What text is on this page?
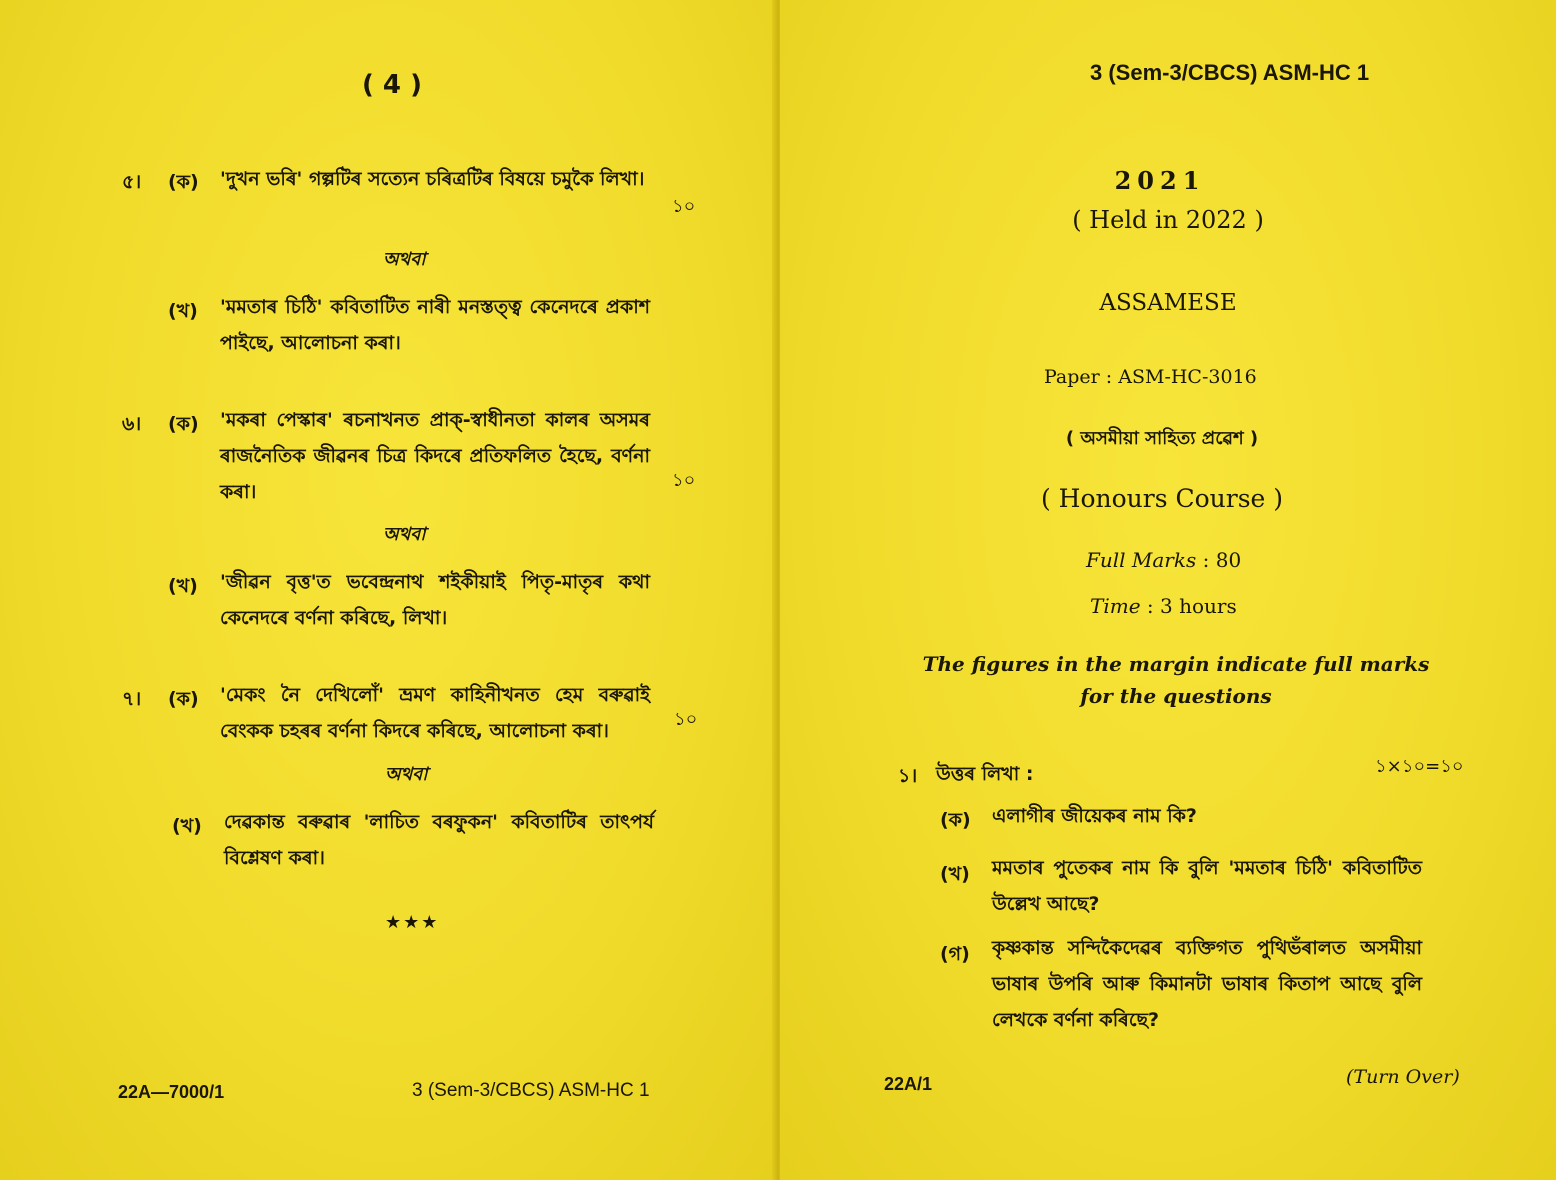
( 4 )
৫। (ক) 'দুখন ভৰি' গল্পটিৰ সত্যেন চৰিত্ৰটিৰ বিষয়ে চমুকৈ লিখা।
১০
অথবা
(খ) 'মমতাৰ চিঠি' কবিতাটিত নাৰী মনস্তত্ত্ব কেনেদৰে প্ৰকাশ পাইছে, আলোচনা কৰা।
৬। (ক) 'মকৰা পেস্কাৰ' ৰচনাখনত প্ৰাক্‌-স্বাধীনতা কালৰ অসমৰ ৰাজনৈতিক জীৱনৰ চিত্ৰ কিদৰে প্ৰতিফলিত হৈছে, বৰ্ণনা কৰা।
১০
অথবা
(খ) 'জীৱন বৃত্ত'ত ভবেন্দ্ৰনাথ শইকীয়াই পিতৃ-মাতৃৰ কথা কেনেদৰে বৰ্ণনা কৰিছে, লিখা।
৭। (ক) 'মেকং নৈ দেখিলোঁ' ভ্ৰমণ কাহিনীখনত হেম বৰুৱাই বেংকক চহৰৰ বৰ্ণনা কিদৰে কৰিছে, আলোচনা কৰা।
১০
অথবা
(খ) দেৱকান্ত বৰুৱাৰ 'লাচিত বৰফুকন' কবিতাটিৰ তাৎপৰ্য বিশ্লেষণ কৰা।
★★★
22A—7000/1	3 (Sem-3/CBCS) ASM-HC 1
3 (Sem-3/CBCS) ASM-HC 1
2021
( Held in 2022 )
ASSAMESE
Paper : ASM-HC-3016
( অসমীয়া সাহিত্য প্ৰৱেশ )
( Honours Course )
Full Marks : 80
Time : 3 hours
The figures in the margin indicate full marks
for the questions
১। উত্তৰ লিখা :	১×১০=১০
(ক) এলাগীৰ জীয়েকৰ নাম কি?
(খ) মমতাৰ পুতেকৰ নাম কি বুলি 'মমতাৰ চিঠি' কবিতাটিত উল্লেখ আছে?
(গ) কৃষ্ণকান্ত সন্দিকৈদেৱৰ ব্যক্তিগত পুথিভঁৰালত অসমীয়া ভাষাৰ উপৰি আৰু কিমানটা ভাষাৰ কিতাপ আছে বুলি লেখকে বৰ্ণনা কৰিছে?
22A/1	(Turn Over)
